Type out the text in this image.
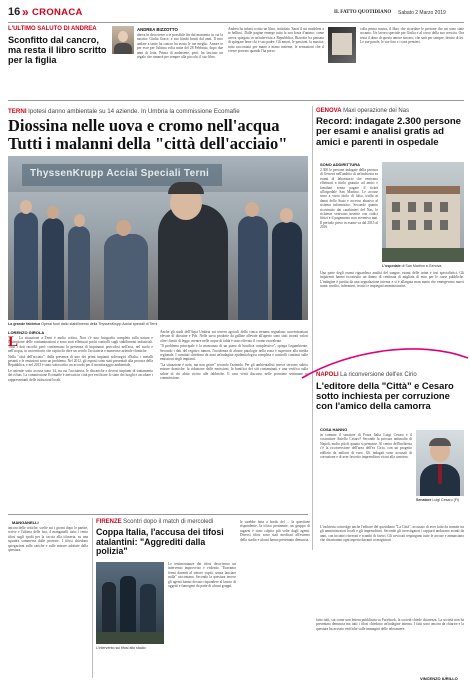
16 » CRONACA	IL FATTO QUOTIDIANO Sabato 2 Marzo 2019
L'ULTIMO SALUTO DI ANDREA
Sconfitto dal cancro, ma resta il libro scritto per la figlia
ANDREA BIZZOTTO
abeva in descrivere a te possibile fin dal momento in cui la nascita: Giulia Grace, a suo bimbi brutti dal anni. Il mio andare a tanto ha cancro ha avuto le tue meglio. Amore te per esce per l'ultima volta notte del 28 Febbraio, dopo due anni di lotta. Prima di andarsene, però, ha lasciato un regalo che rimarrà per sempre alla piccola: il suo libro.
Andrea ha infatti scritto un libro, intitolato 'Sarai il sui madeleni a te bellina'. Dalle pagine emerge tutta la sua forza d'animo: come aveva spiegato in un'intervista a Repubblica, Bizzotto ha pensato di spiegare bene chi è suo padre. Gli amori, le passioni, la musica; tutto raccontato per mano a mano insieme, le sensazioni che il vivere provato quando l'ha perso.
colla prima nostra, il libro che ricordare le persone che mi sono state accanto. Un lavoro speciale per Giulia e al corso della sua crescita. Ora resta il dono di questo amore sincero, che sarà per sempre, dentro di lei. Le sue parole, le sue foto e i suoi pensieri.
TERNI Ipotesi danno ambientale su 14 aziende. In Umbria la commissione Ecomafie
Diossina nelle uova e cromo nell'acqua
Tutti i malanni della "città dell'acciaio"
ThyssenKrupp Acciai Speciali Terni
La grande fabbrica Operai fuori dallo stabilimento della ThyssenKrupp Acciai speciali di Terni
LORENZO GIROLA
L La situazione a Terni è molto critica. Non c'è una fotografia completa sulla natura e l'estensione delle contaminazioni e sono stati effettuati pochi controlli sugli stabilimenti industriali. Tutti i dati raccolti però confermano la presenza di inquinanti pericolosi nell'aria, nel suolo e nell'acqua, in un territorio che ospita da oltre un secolo l'acciaieria e numerose aziende chimiche.

Nella "città dell'acciaio", dalla presenza di uno dei primi impianti siderurgici d'Italia, i metalli pesanti e le emissioni sono un problema. Nel 2012, gli esposti sono stati presentati alla procura della Repubblica, e nel 2013 è stato sottoscritto un accordo per il monitoraggio ambientale.

Le aziende sotto accusa sono 14, tra cui l'acciaieria, le discariche e diversi impianti di trattamento dei rifiuti. La commissione Ecomafie è arrivata in città per verificare lo stato dei luoghi e ascoltare i rappresentanti delle istituzioni locali.

Anche gli studi dell'Arpa Umbria sui terreni agricoli della conca ternana segnalano concentrazioni elevate di diossine e Pcb. Nelle uova prodotte da galline allevate all'aperto sono stati trovati valori oltre i limiti di legge, mentre nelle acque di falda è stato rilevato il cromo esavalente.

"Il problema principale è la mancanza di un piano di bonifica complessivo", spiega Legambiente. Secondo i dati del registro tumori, l'incidenza di alcune patologie nella zona è superiore alla media regionale. I comitati chiedono da anni un'indagine epidemiologica completa e controlli continui sulle emissioni degli impianti.

"La situazione è nota, ma non grave" secondo l'azienda. Per gli ambientalisti invece servono subito misure drastiche: la riduzione delle emissioni, la bonifica dei siti contaminati e una verifica sulla salute di chi abita vicino alle fabbriche. Il caso verrà discusso nelle prossime settimane in commissione.

GENOVA Maxi operazione dei Nas
Record: indagate 2.300 persone per esami e analisi gratis ad amici e parenti in ospedale
SONO ADDIRITTURA
2.300 le persone indagate dalla procura di Genova nell'ambito di un'inchiesta su esami di laboratorio che venivano effettuati a titolo gratuito ad amici e familiari senza pagare il ticket all'ospedale San Martino. Le accuse sono a vario titolo di falso, truffa ai danni dello Stato e accesso abusivo al sistema informatico. Secondo quanto ricostruito dai carabinieri del Nas, le richieste venivano inserite con codici fittizi e il pagamento non avveniva mai. Il periodo preso in esame va dal 2015 al 2016.
L'ospedale di San Martino a Genova
Una parte degli esami riguardava analisi del sangue, esami delle urine e test specialistici. Gli inquirenti hanno ricostruito un danno di centinaia di migliaia di euro per le casse pubbliche. L'indagine è partita da una segnalazione interna e si è allargata man mano che emergevano nuovi nomi: medici, infermieri, tecnici e impiegati amministrativi.
NAPOLI La riconversione dell'ex Cirio
L'editore della "Città" e Cesaro sotto inchiesta per corruzione con l'amico della camorra
COSA HANNO
in comune il senatore di Forza Italia Luigi Cesaro e il costruttore Aniello Cesaro? Secondo la procura antimafia di Napoli, molto più di quanto si pensasse. Al centro dell'inchiesta c'è la riconversione dell'area dell'ex Cirio, con un progetto edilizio da milioni di euro. Gli indagati sono accusati di corruzione e di aver favorito imprenditori vicini alla camorra.
Senatore Luigi Cesaro (FI)
L'inchiesta coinvolge anche l'editore del quotidiano "La Città", accusato di aver fatto da tramite tra gli amministratori locali e gli imprenditori. Secondo gli investigatori i rapporti andavano avanti da anni, con incontri riservati e scambi di favori. Gli avvocati respingono tutte le accuse e annunciano che chiariranno ogni aspetto davanti ai magistrati.
MANGANELLI
ancora delle critiche, scelte sui i giorni dopo le partite, scrive e l'ultima delle fasi, 4 manganelli tutto i cento tifosi sugli spalti per la caccia alla tifoseria, su una squadra sommersa dalle proteste. I tifosi chiedono spiegazioni sulle cariche e sulle misure adottate dalla questura.
FIRENZE Scontri dopo il match di mercoledì
Coppa Italia, l'accusa dei tifosi atalantini: "Aggrediti dalla polizia"
L'intervento sui tifosi allo stadio
Le testimonianze dei tifosi descrivono un intervento improvviso e violento. "Eravamo fermi davanti al settore ospiti, senza lanciare nulla" raccontano. Secondo la questura invece gli agenti hanno dovuto rispondere al lancio di oggetti e fumogeni da parte di alcuni gruppi.
le sarebbe fatta a bordo del ... la questione rispondente, la tifosa pertinente, un gruppo di ragazzi è stato colpito più volte dagli agenti. Diversi tifosi sono stati medicati all'esterno dello stadio e alcuni hanno presentato denuncia.
fatto tutti, sui come una lettera pubblicata su Facebook, la società chiede chiarezza. La società non ha presentato denuncia ma tutti i tifosi chiedono un'indagine interna. I fatti sono ancora da chiarire e la questura ha avviato verifiche sulle immagini delle telecamere.
VINCENZO IURILLO
